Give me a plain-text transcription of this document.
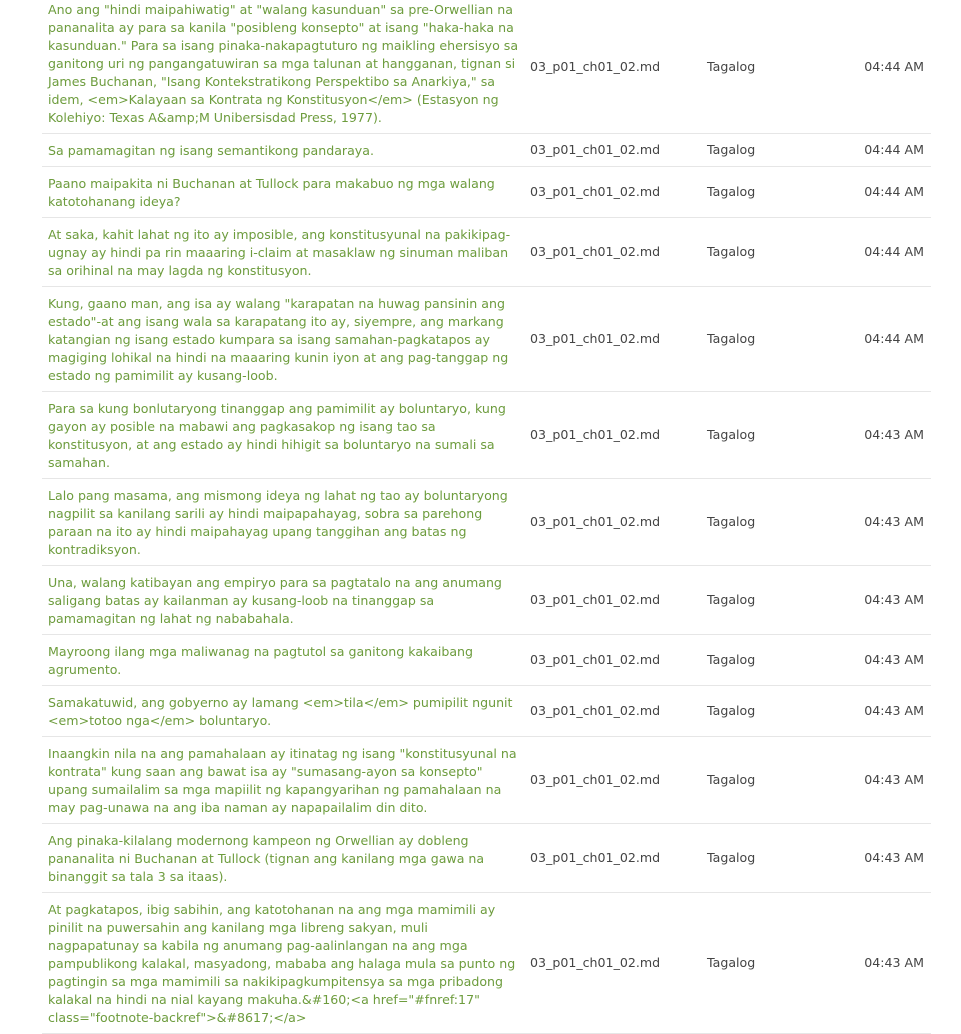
Ano ang "hindi maipahiwatig" at "walang kasunduan" sa pre-Orwellian na pananalita ay para sa kanila "posibleng konsepto" at isang "haka-haka na kasunduan." Para sa isang pinaka-nakapagtuturo ng maikling ehersisyo sa ganitong uri ng pangangatuwiran sa mga talunan at hangganan, tignan si James Buchanan, "Isang Kontekstratikong Perspektibo sa Anarkiya," sa idem, <em>Kalayaan sa Kontrata ng Konstitusyon</em> (Estasyon ng Kolehiyo: Texas A&amp;M Unibersisdad Press, 1977).	03_p01_ch01_02.md	Tagalog	04:44 AM
Sa pamamagitan ng isang semantikong pandaraya.	03_p01_ch01_02.md	Tagalog	04:44 AM
Paano maipakita ni Buchanan at Tullock para makabuo ng mga walang katotohanang ideya?	03_p01_ch01_02.md	Tagalog	04:44 AM
At saka, kahit lahat ng ito ay imposible, ang konstitusyunal na pakikipag-ugnay ay hindi pa rin maaaring i-claim at masaklaw ng sinuman maliban sa orihinal na may lagda ng konstitusyon.	03_p01_ch01_02.md	Tagalog	04:44 AM
Kung, gaano man, ang isa ay walang "karapatan na huwag pansinin ang estado"-at ang isang wala sa karapatang ito ay, siyempre, ang markang katangian ng isang estado kumpara sa isang samahan-pagkatapos ay magiging lohikal na hindi na maaaring kunin iyon at ang pag-tanggap ng estado ng pamimilit ay kusang-loob.	03_p01_ch01_02.md	Tagalog	04:44 AM
Para sa kung bonlutaryong tinanggap ang pamimilit ay boluntaryo, kung gayon ay posible na mabawi ang pagkasakop ng isang tao sa konstitusyon, at ang estado ay hindi hihigit sa boluntaryo na sumali sa samahan.	03_p01_ch01_02.md	Tagalog	04:43 AM
Lalo pang masama, ang mismong ideya ng lahat ng tao ay boluntaryong nagpilit sa kanilang sarili ay hindi maipapahayag, sobra sa parehong paraan na ito ay hindi maipahayag upang tanggihan ang batas ng kontradiksyon.	03_p01_ch01_02.md	Tagalog	04:43 AM
Una, walang katibayan ang empiryo para sa pagtatalo na ang anumang saligang batas ay kailanman ay kusang-loob na tinanggap sa pamamagitan ng lahat ng nababahala.	03_p01_ch01_02.md	Tagalog	04:43 AM
Mayroong ilang mga maliwanag na pagtutol sa ganitong kakaibang agrumento.	03_p01_ch01_02.md	Tagalog	04:43 AM
Samakatuwid, ang gobyerno ay lamang <em>tila</em> pumipilit ngunit <em>totoo nga</em> boluntaryo.	03_p01_ch01_02.md	Tagalog	04:43 AM
Inaangkin nila na ang pamahalaan ay itinatag ng isang "konstitusyunal na kontrata" kung saan ang bawat isa ay "sumasang-ayon sa konsepto" upang sumailalim sa mga mapiilit ng kapangyarihan ng pamahalaan na may pag-unawa na ang iba naman ay napapailalim din dito.	03_p01_ch01_02.md	Tagalog	04:43 AM
Ang pinaka-kilalang modernong kampeon ng Orwellian ay dobleng pananalita ni Buchanan at Tullock (tignan ang kanilang mga gawa na binanggit sa tala 3 sa itaas).	03_p01_ch01_02.md	Tagalog	04:43 AM
At pagkatapos, ibig sabihin, ang katotohanan na ang mga mamimili ay pinilit na puwersahin ang kanilang mga libreng sakyan, muli nagpapatunay sa kabila ng anumang pag-aalinlangan na ang mga pampublikong kalakal, masyadong, mababa ang halaga mula sa punto ng pagtingin sa mga mamimili sa nakikipagkumpitensya sa mga pribadong kalakal na hindi na nial kayang makuha.&#160;<a href="#fnref:17" class="footnote-backref">&#8617;</a>	03_p01_ch01_02.md	Tagalog	04:43 AM
